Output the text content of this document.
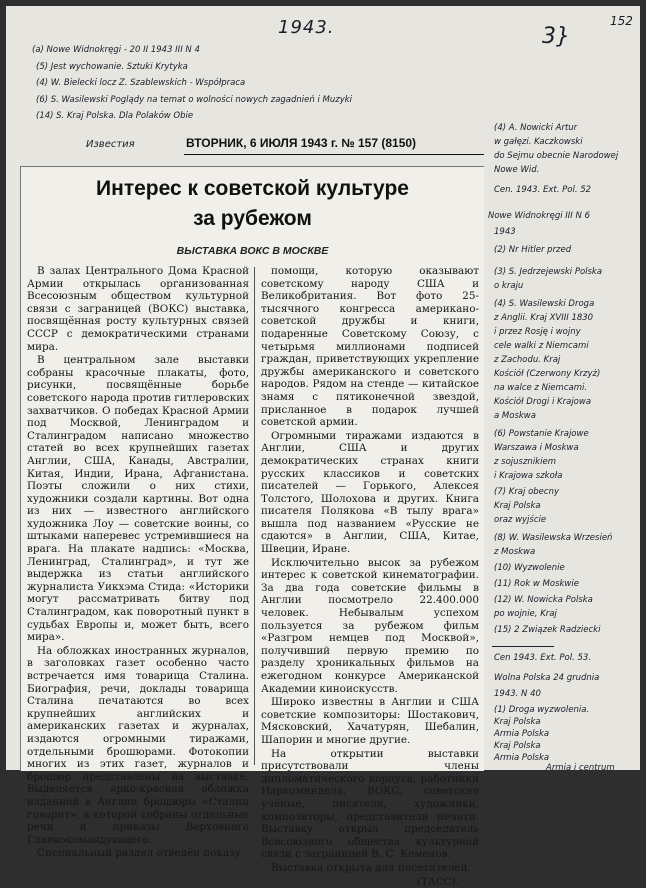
1943.	152
3}
(a) Nowe Widnokręgi - 20 II 1943 III N 4
(5) Jest wychowanie. Sztuki Krytyka
(4) W. Bielecki locz Z. Szablewskich - Współpraca
(6) S. Wasilewski Poglądy na temat o wolności nowych zagadnień i Muzyki
(14) S. Kraj Polska. Dla Polaków Obie
Известия	ВТОРНИК, 6 ИЮЛЯ 1943 г. № 157 (8150)
Интерес к советской культуре
за рубежом
ВЫСТАВКА ВОКС В МОСКВЕ

В залах Центрального Дома Красной Армии открылась организованная Всесоюзным обществом культурной связи с заграницей (ВОКС) выставка, посвящённая росту культурных связей СССР с демократическими странами мира.

В центральном зале выставки собраны красочные плакаты, фото, рисунки, посвящённые борьбе советского народа против гитлеровских захватчиков. О победах Красной Армии под Москвой, Ленинградом и Сталинградом написано множество статей во всех крупнейших газетах Англии, США, Канады, Австралии, Китая, Индии, Ирана, Афганистана. Поэты сложили о них стихи, художники создали картины. Вот одна из них — известного английского художника Лоу — советские воины, со штыками наперевес устремившиеся на врага. На плакате надпись: «Москва, Ленинград, Сталинград», и тут же выдержка из статьи английского журналиста Уикхэма Стида: «Историки могут рассматривать битву под Сталинградом, как поворотный пункт в судьбах Европы и, может быть, всего мира».

На обложках иностранных журналов, в заголовках газет особенно часто встречается имя товарища Сталина. Биография, речи, доклады товарища Сталина печатаются во всех крупнейших английских и американских газетах и журналах, издаются огромными тиражами, отдельными брошюрами. Фотокопии многих из этих газет, журналов и брошюр представлены на выставке. Выделяется ярко-красная обложка изданной в Англии брошюры «Сталин говорит», в которой собраны отдельные речи и приказы Верховного Главнокомандующего.

Специальный раздел отведён показу

помощи, которую оказывают советскому народу США и Великобритания. Вот фото 25-тысячного конгресса американо-советской дружбы и книги, подаренные Советскому Союзу, с четырьмя миллионами подписей граждан, приветствующих укрепление дружбы американского и советского народов. Рядом на стенде — китайское знамя с пятиконечной звездой, присланное в подарок лучшей советской армии.

Огромными тиражами издаются в Англии, США и других демократических странах книги русских классиков и советских писателей — Горького, Алексея Толстого, Шолохова и других. Книга писателя Полякова «В тылу врага» вышла под названием «Русские не сдаются» в Англии, США, Китае, Швеции, Иране.

Исключительно высок за рубежом интерес к советской кинематографии. За два года советские фильмы в Англии посмотрело 22.400.000 человек. Небывалым успехом пользуется за рубежом фильм «Разгром немцев под Москвой», получивший первую премию по разделу хроникальных фильмов на ежегодном конкурсе Американской Академии киноискусств.

Широко известны в Англии и США советские композиторы: Шостакович, Мясковский, Хачатурян, Шебалин, Шапорин и многие другие.

На открытии выставки присутствовали члены дипломатического корпуса, работники Наркоминдела, ВОКС, советские учёные, писатели, художники, композиторы, представители печати. Выставку открыл председатель Всесоюзного общества культурной связи с заграницей В. С. Кеменов.

Выставка открыта для посетителей.

(ТАСС).
(4) A. Nowicki Artur
w gałęzi. Kaczkowski
do Sejmu obecnie Narodowej
Nowe Wid.
Cen. 1943. Ext. Pol. 52
Nowe Widnokręgi III N 6
1943
(2) Nr Hitler przed
(3) S. Jedrzejewski Polska
o kraju
(4) S. Wasilewski Droga
z Anglii. Kraj XVIII 1830
i przez Rosję i wojny
cele walki z Niemcami
z Zachodu. Kraj
Kościół (Czerwony Krzyż)
na walce z Niemcami.
Kościół Drogi i Krajowa
a Moskwa
(6) Powstanie Krajowe
Warszawa i Moskwa
z sojusznikiem
i Krajowa szkoła
(7) Kraj obecny
Kraj Polska
oraz wyjście
(8) W. Wasilewska Wrzesień
z Moskwa
(10) Wyzwolenie
(11) Rok w Moskwie
(12) W. Nowicka Polska
po wojnie, Kraj
(15) 2 Związek Radziecki
Cen 1943. Ext. Pol. 53.
Wolna Polska 24 grudnia
1943. N 40
(1) Droga wyzwolenia.
Kraj Polska
Armia Polska
Kraj Polska
Armia Polska
Armia i centrum
